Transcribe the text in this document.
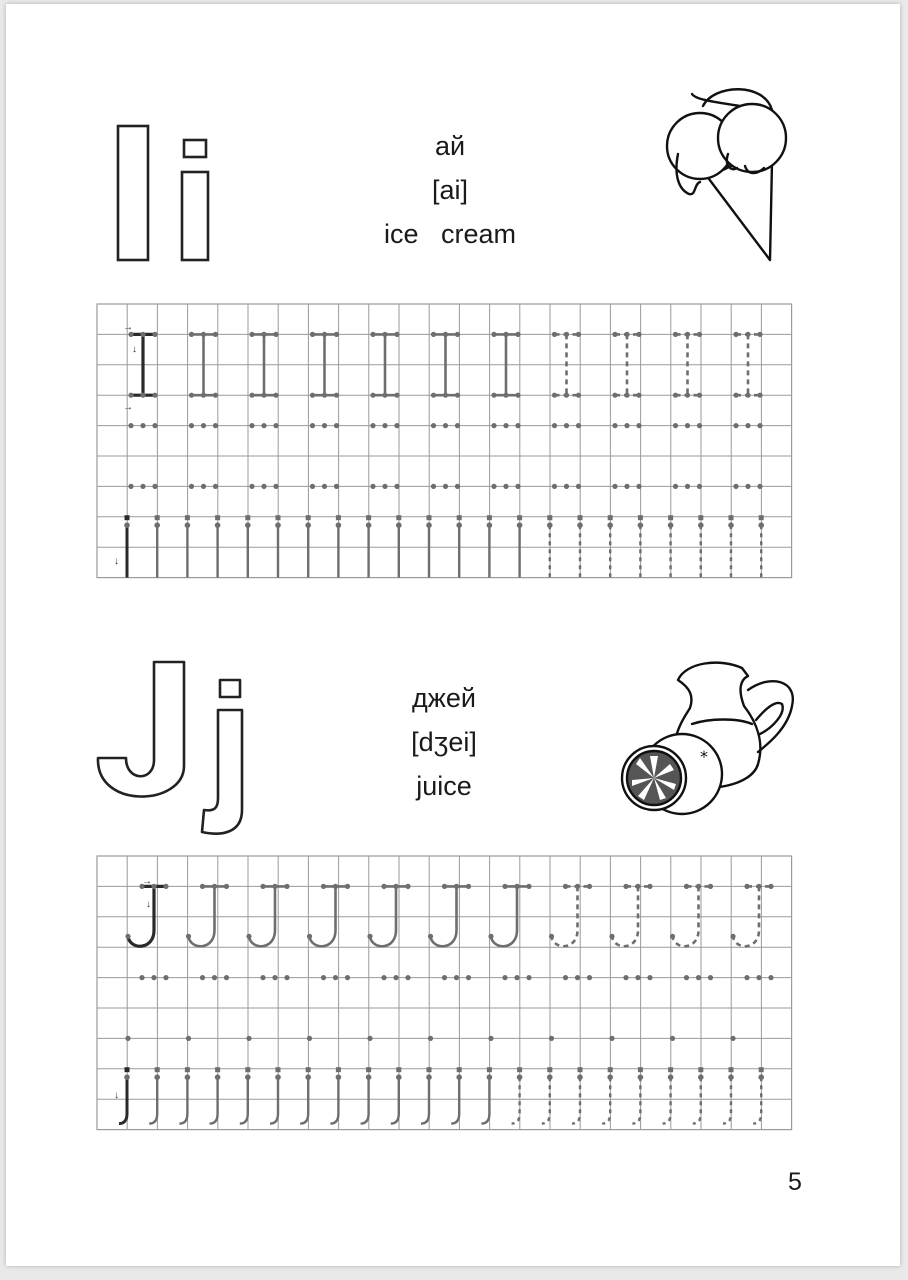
*
→
↓
→
↓
→
↓
↓
ай
[ai]
ice   cream
джей
[dʒei]
juice
5
